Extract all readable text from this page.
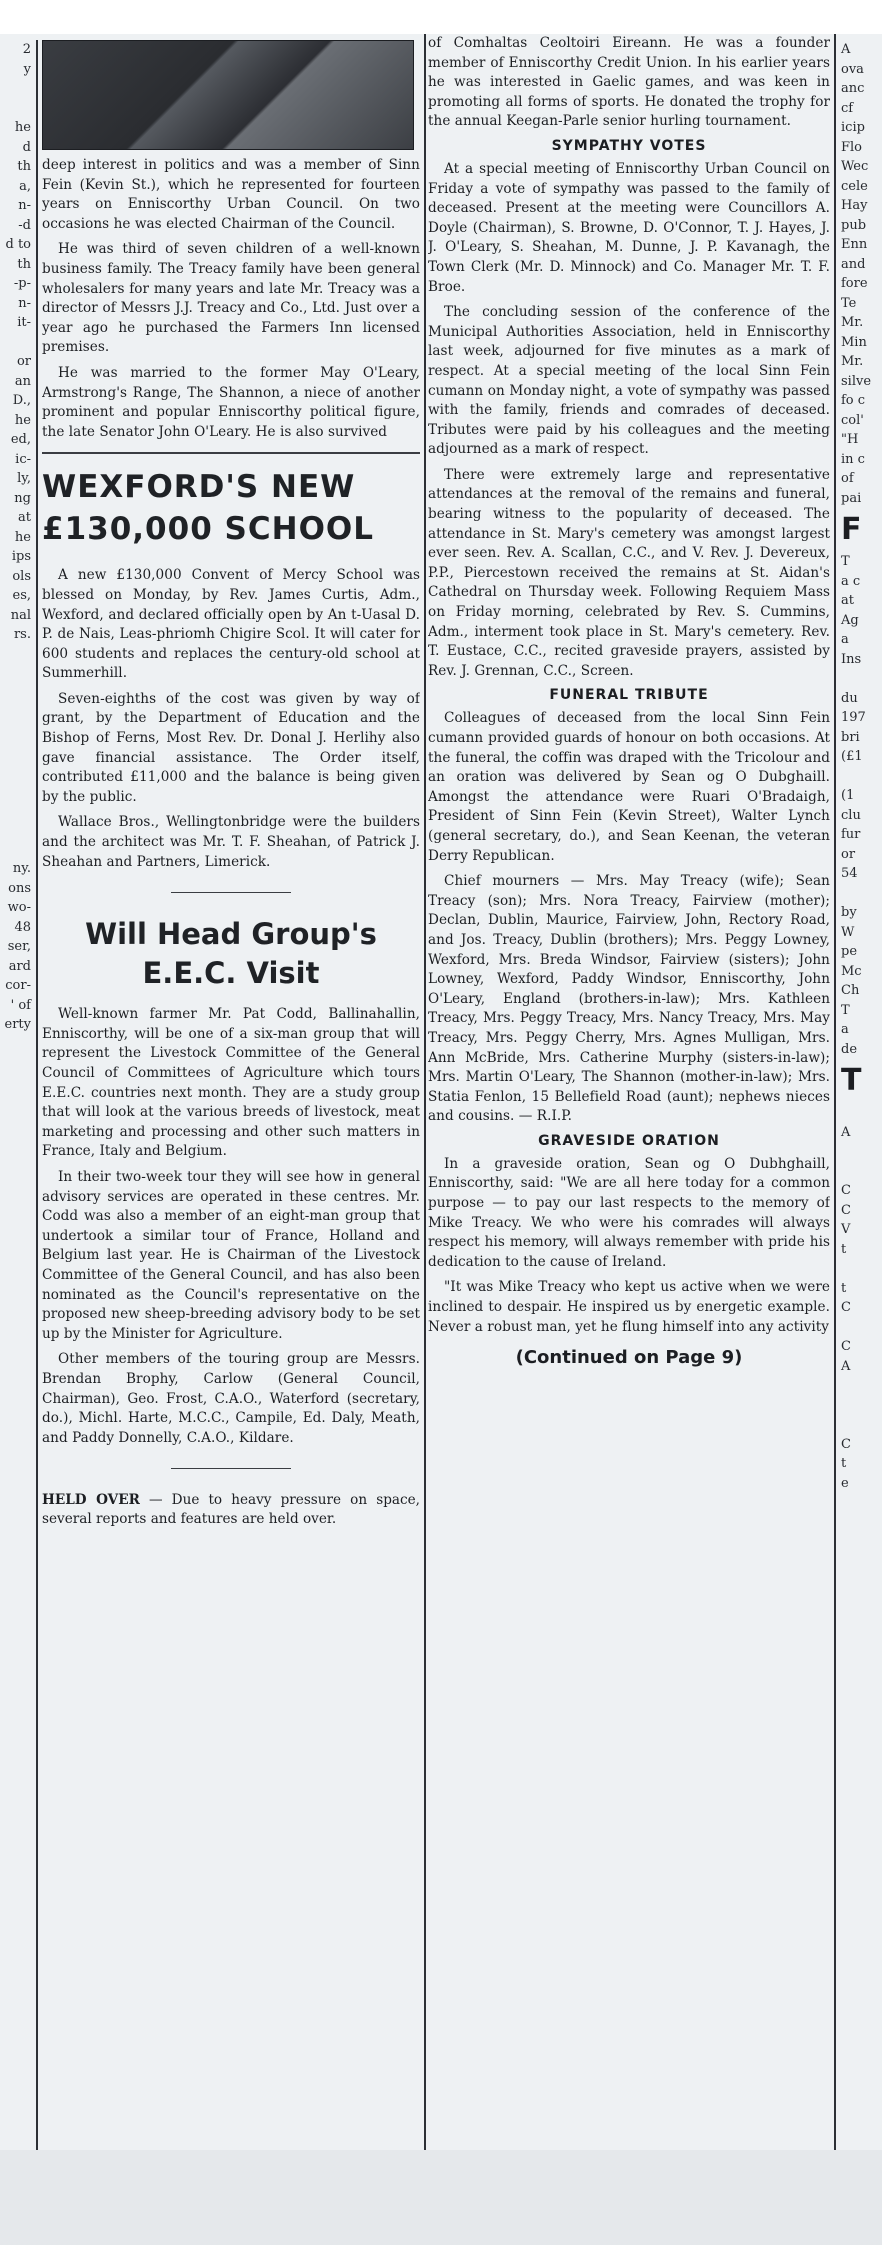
2
y
he
d
th
a,
n-
-d
d to
th
-p-
n-
it-
or
an
D.,
he
ed,
ic-
ly,
ng
at
he
ips
ols
es,
nal
rs.
ny.
ons
wo-
48
ser,
ard
cor-
' of
erty

deep interest in politics and was a member of Sinn Fein (Kevin St.), which he represented for fourteen years on Enniscorthy Urban Council. On two occasions he was elected Chairman of the Council.

He was third of seven children of a well-known business family. The Treacy family have been general wholesalers for many years and late Mr. Treacy was a director of Messrs J.J. Treacy and Co., Ltd. Just over a year ago he purchased the Farmers Inn licensed premises.

He was married to the former May O'Leary, Armstrong's Range, The Shannon, a niece of another prominent and popular Enniscorthy political figure, the late Senator John O'Leary. He is also survived

WEXFORD'S NEW £130,000 SCHOOL

A new £130,000 Convent of Mercy School was blessed on Monday, by Rev. James Curtis, Adm., Wexford, and declared officially open by An t-Uasal D. P. de Nais, Leas-phriomh Chigire Scol. It will cater for 600 students and replaces the century-old school at Summerhill.

Seven-eighths of the cost was given by way of grant, by the Department of Education and the Bishop of Ferns, Most Rev. Dr. Donal J. Herlihy also gave financial assistance. The Order itself, contributed £11,000 and the balance is being given by the public.

Wallace Bros., Wellingtonbridge were the builders and the architect was Mr. T. F. Sheahan, of Patrick J. Sheahan and Partners, Limerick.

Will Head Group's E.E.C. Visit

Well-known farmer Mr. Pat Codd, Ballinahallin, Enniscorthy, will be one of a six-man group that will represent the Livestock Committee of the General Council of Committees of Agriculture which tours E.E.C. countries next month. They are a study group that will look at the various breeds of livestock, meat marketing and processing and other such matters in France, Italy and Belgium.

In their two-week tour they will see how in general advisory services are operated in these centres. Mr. Codd was also a member of an eight-man group that undertook a similar tour of France, Holland and Belgium last year. He is Chairman of the Livestock Committee of the General Council, and has also been nominated as the Council's representative on the proposed new sheep-breeding advisory body to be set up by the Minister for Agriculture.

Other members of the touring group are Messrs. Brendan Brophy, Carlow (General Council, Chairman), Geo. Frost, C.A.O., Waterford (secretary, do.), Michl. Harte, M.C.C., Campile, Ed. Daly, Meath, and Paddy Donnelly, C.A.O., Kildare.

HELD OVER — Due to heavy pressure on space, several reports and features are held over.

of Comhaltas Ceoltoiri Eireann. He was a founder member of Enniscorthy Credit Union. In his earlier years he was interested in Gaelic games, and was keen in promoting all forms of sports. He donated the trophy for the annual Keegan-Parle senior hurling tournament.

SYMPATHY VOTES

At a special meeting of Enniscorthy Urban Council on Friday a vote of sympathy was passed to the family of deceased. Present at the meeting were Councillors A. Doyle (Chairman), S. Browne, D. O'Connor, T. J. Hayes, J. J. O'Leary, S. Sheahan, M. Dunne, J. P. Kavanagh, the Town Clerk (Mr. D. Minnock) and Co. Manager Mr. T. F. Broe.

The concluding session of the conference of the Municipal Authorities Association, held in Enniscorthy last week, adjourned for five minutes as a mark of respect. At a special meeting of the local Sinn Fein cumann on Monday night, a vote of sympathy was passed with the family, friends and comrades of deceased. Tributes were paid by his colleagues and the meeting adjourned as a mark of respect.

There were extremely large and representative attendances at the removal of the remains and funeral, bearing witness to the popularity of deceased. The attendance in St. Mary's cemetery was amongst largest ever seen. Rev. A. Scallan, C.C., and V. Rev. J. Devereux, P.P., Piercestown received the remains at St. Aidan's Cathedral on Thursday week. Following Requiem Mass on Friday morning, celebrated by Rev. S. Cummins, Adm., interment took place in St. Mary's cemetery. Rev. T. Eustace, C.C., recited graveside prayers, assisted by Rev. J. Grennan, C.C., Screen.

FUNERAL TRIBUTE

Colleagues of deceased from the local Sinn Fein cumann provided guards of honour on both occasions. At the funeral, the coffin was draped with the Tricolour and an oration was delivered by Sean og O Dubghaill. Amongst the attendance were Ruari O'Bradaigh, President of Sinn Fein (Kevin Street), Walter Lynch (general secretary, do.), and Sean Keenan, the veteran Derry Republican.

Chief mourners — Mrs. May Treacy (wife); Sean Treacy (son); Mrs. Nora Treacy, Fairview (mother); Declan, Dublin, Maurice, Fairview, John, Rectory Road, and Jos. Treacy, Dublin (brothers); Mrs. Peggy Lowney, Wexford, Mrs. Breda Windsor, Fairview (sisters); John Lowney, Wexford, Paddy Windsor, Enniscorthy, John O'Leary, England (brothers-in-law); Mrs. Kathleen Treacy, Mrs. Peggy Treacy, Mrs. Nancy Treacy, Mrs. May Treacy, Mrs. Peggy Cherry, Mrs. Agnes Mulligan, Mrs. Ann McBride, Mrs. Catherine Murphy (sisters-in-law); Mrs. Martin O'Leary, The Shannon (mother-in-law); Mrs. Statia Fenlon, 15 Bellefield Road (aunt); nephews nieces and cousins. — R.I.P.

GRAVESIDE ORATION

In a graveside oration, Sean og O Dubhghaill, Enniscorthy, said: "We are all here today for a common purpose — to pay our last respects to the memory of Mike Treacy. We who were his comrades will always respect his memory, will always remember with pride his dedication to the cause of Ireland.

"It was Mike Treacy who kept us active when we were inclined to despair. He inspired us by energetic example. Never a robust man, yet he flung himself into any activity

(Continued on Page 9)
A
ova
anc
cf
icip
Flo
Wec
cele
Hay
pub
Enn
and
fore
Te
Mr.
Min
Mr.
silve
fo c
col'
"H
in c
of
pai
F
T
a c
at
Ag
a
Ins
du
197
bri
(£1
(1
clu
fur
or
54
by
W
pe
Mc
Ch
T
a
de
T
A
C
C
V
t
t
C
C
A
C
t
e
